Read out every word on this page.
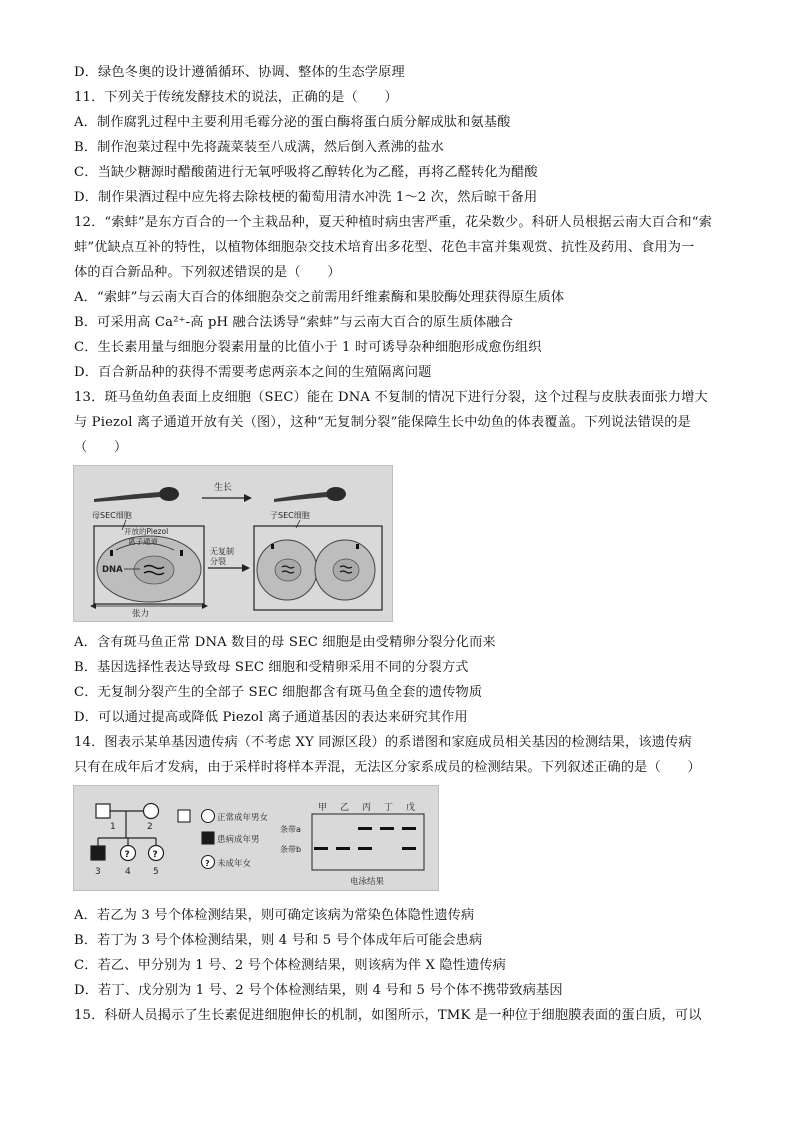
D．绿色冬奥的设计遵循循环、协调、整体的生态学原理
11．下列关于传统发酵技术的说法，正确的是（　　）
A．制作腐乳过程中主要利用毛霉分泌的蛋白酶将蛋白质分解成肽和氨基酸
B．制作泡菜过程中先将蔬菜装至八成满，然后倒入煮沸的盐水
C．当缺少糖源时醋酸菌进行无氧呼吸将乙醇转化为乙醛，再将乙醛转化为醋酸
D．制作果酒过程中应先将去除枝梗的葡萄用清水冲洗 1～2 次，然后晾干备用
12．“索蚌”是东方百合的一个主栽品种，夏天种植时病虫害严重，花朵数少。科研人员根据云南大百合和“索
蚌”优缺点互补的特性，以植物体细胞杂交技术培育出多花型、花色丰富并集观赏、抗性及药用、食用为一
体的百合新品种。下列叙述错误的是（　　）
A．“索蚌”与云南大百合的体细胞杂交之前需用纤维素酶和果胶酶处理获得原生质体
B．可采用高 Ca²⁺-高 pH 融合法诱导“索蚌”与云南大百合的原生质体融合
C．生长素用量与细胞分裂素用量的比值小于 1 时可诱导杂种细胞形成愈伤组织
D．百合新品种的获得不需要考虑两亲本之间的生殖隔离问题
13．斑马鱼幼鱼表面上皮细胞（SEC）能在 DNA 不复制的情况下进行分裂，这个过程与皮肤表面张力增大
与 Piezol 离子通道开放有关（图），这种“无复制分裂”能保障生长中幼鱼的体表覆盖。下列说法错误的是
（　　）
生长
母SEC细胞	子SEC细胞
开放的Piezol
离子通道
DNA
张力
无复制
分裂
A．含有斑马鱼正常 DNA 数目的母 SEC 细胞是由受精卵分裂分化而来
B．基因选择性表达导致母 SEC 细胞和受精卵采用不同的分裂方式
C．无复制分裂产生的全部子 SEC 细胞都含有斑马鱼全套的遗传物质
D．可以通过提高或降低 Piezol 离子通道基因的表达来研究其作用
14．图表示某单基因遗传病（不考虑 XY 同源区段）的系谱图和家庭成员相关基因的检测结果，该遗传病
只有在成年后才发病，由于采样时将样本弄混，无法区分家系成员的检测结果。下列叙述正确的是（　　）
1	2
?	?
3	4 5
正常成年男女
患病成年男
? 未成年女
甲 乙 丙 丁 戊
条带a
条带b
电泳结果
A．若乙为 3 号个体检测结果，则可确定该病为常染色体隐性遗传病
B．若丁为 3 号个体检测结果，则 4 号和 5 号个体成年后可能会患病
C．若乙、甲分别为 1 号、2 号个体检测结果，则该病为伴 X 隐性遗传病
D．若丁、戊分别为 1 号、2 号个体检测结果，则 4 号和 5 号个体不携带致病基因
15．科研人员揭示了生长素促进细胞伸长的机制，如图所示，TMK 是一种位于细胞膜表面的蛋白质，可以
